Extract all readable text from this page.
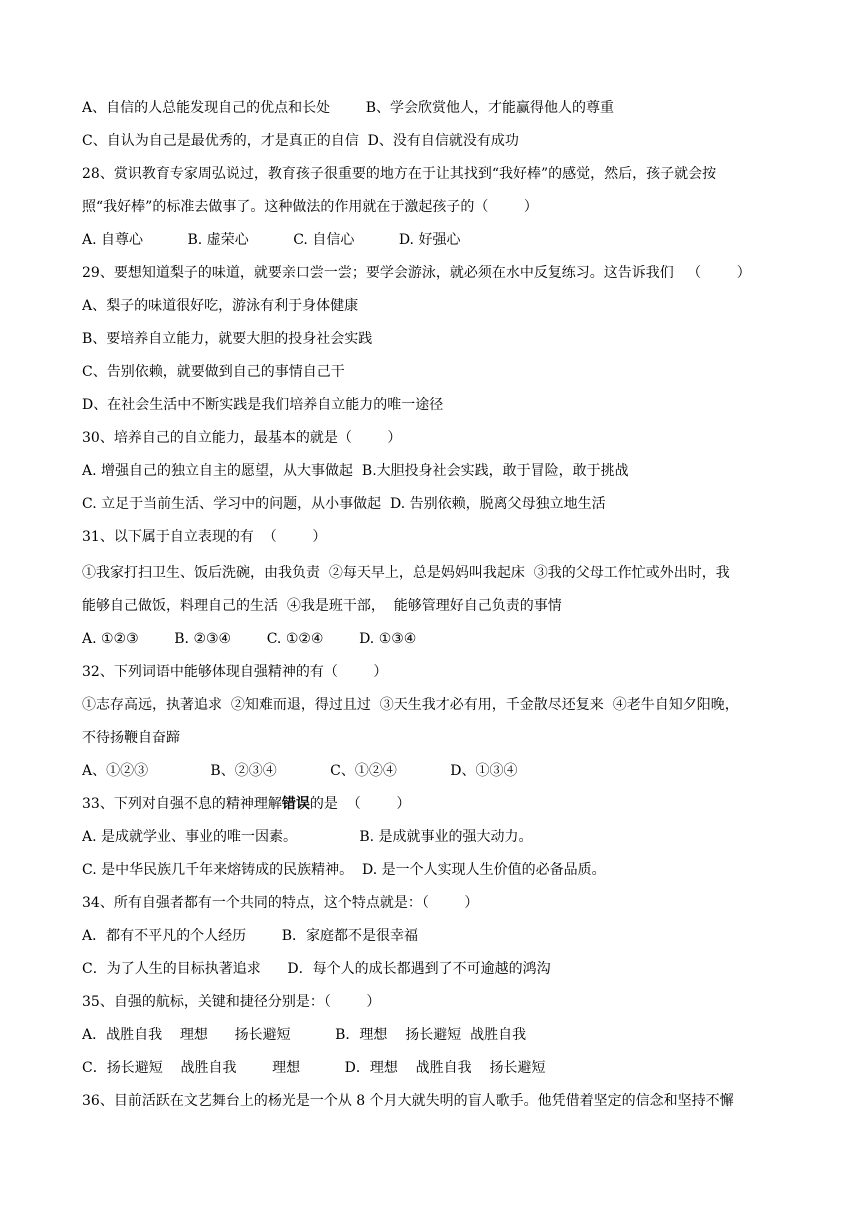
A、自信的人总能发现自己的优点和长处        B、学会欣赏他人，才能赢得他人的尊重
C、自认为自己是最优秀的，才是真正的自信  D、没有自信就没有成功
28、赏识教育专家周弘说过，教育孩子很重要的地方在于让其找到“我好棒”的感觉，然后，孩子就会按
照“我好棒”的标准去做事了。这种做法的作用就在于激起孩子的（        ）
A. 自尊心          B. 虚荣心          C. 自信心          D. 好强心
29、要想知道梨子的味道，就要亲口尝一尝；要学会游泳，就必须在水中反复练习。这告诉我们   （        ）
A、梨子的味道很好吃，游泳有利于身体健康
B、要培养自立能力，就要大胆的投身社会实践
C、告别依赖，就要做到自己的事情自己干
D、在社会生活中不断实践是我们培养自立能力的唯一途径
30、培养自己的自立能力，最基本的就是（        ）
A. 增强自己的独立自主的愿望，从大事做起  B.大胆投身社会实践，敢于冒险，敢于挑战
C. 立足于当前生活、学习中的问题，从小事做起  D. 告别依赖，脱离父母独立地生活
31、以下属于自立表现的有  （        ）
①我家打扫卫生、饭后洗碗，由我负责  ②每天早上，总是妈妈叫我起床  ③我的父母工作忙或外出时，我
能够自己做饭，料理自己的生活  ④我是班干部，  能够管理好自己负责的事情
A. ①②③        B. ②③④        C. ①②④        D. ①③④
32、下列词语中能够体现自强精神的有（        ）
①志存高远，执著追求  ②知难而退，得过且过  ③天生我才必有用，千金散尽还复来  ④老牛自知夕阳晚，
不待扬鞭自奋蹄
A、①②③              B、②③④            C、①②④            D、①③④
33、下列对自强不息的精神理解错误的是  （        ）
A. 是成就学业、事业的唯一因素。              B. 是成就事业的强大动力。
C. 是中华民族几千年来熔铸成的民族精神。  D. 是一个人实现人生价值的必备品质。
34、所有自强者都有一个共同的特点，这个特点就是：（        ）
A．都有不平凡的个人经历        B．家庭都不是很幸福
C．为了人生的目标执著追求      D．每个人的成长都遇到了不可逾越的鸿沟
35、自强的航标，关键和捷径分别是：（        ）
A．战胜自我    理想      扬长避短          B．理想    扬长避短  战胜自我
C．扬长避短    战胜自我        理想          D．理想    战胜自我    扬长避短
36、目前活跃在文艺舞台上的杨光是一个从 8 个月大就失明的盲人歌手。他凭借着坚定的信念和坚持不懈
